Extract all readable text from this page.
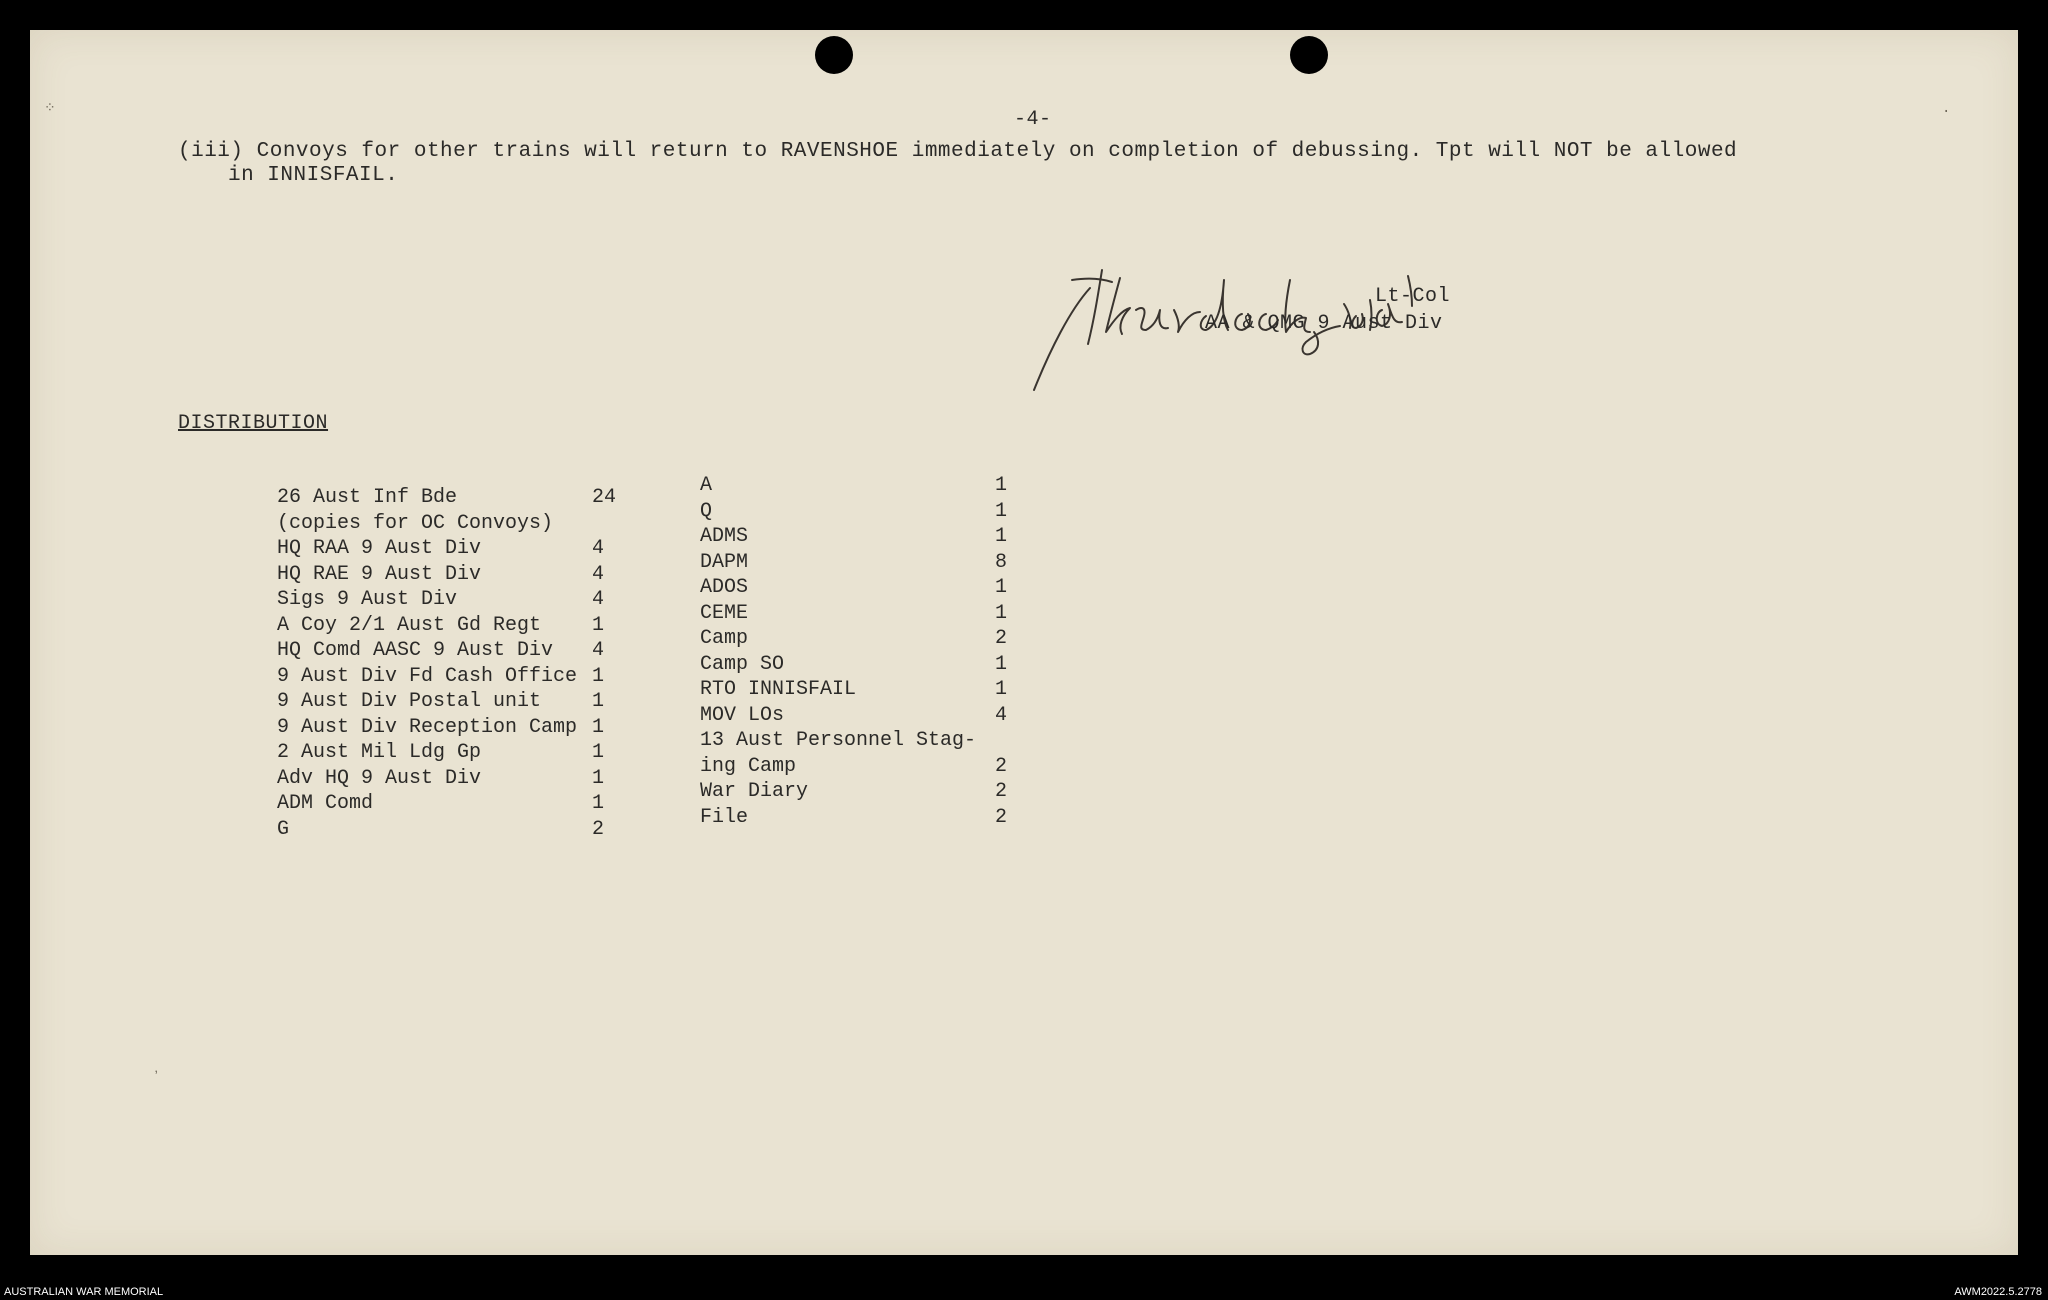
-4-
(iii) Convoys for other trains will return to RAVENSHOE immediately on completion of debussing. Tpt will NOT be allowed
in INNISFAIL.
Lt-Col
AA & QMG 9 Aust Div
DISTRIBUTION
26 Aust Inf Bde	24
(copies for OC Convoys)
HQ RAA 9 Aust Div	4
HQ RAE 9 Aust Div	4
Sigs 9 Aust Div	4
A Coy 2/1 Aust Gd Regt	1
HQ Comd AASC 9 Aust Div 4
9 Aust Div Fd Cash Office 1
9 Aust Div Postal unit	1
9 Aust Div Reception Camp 1
2 Aust Mil Ldg Gp	1
Adv HQ 9 Aust Div	1
ADM Comd	1
G	2
A	1
Q	1
ADMS	1
DAPM	8
ADOS	1
CEME	1
Camp	2
Camp SO	1
RTO INNISFAIL	1
MOV LOs	4
13 Aust Personnel Stag-
ing Camp	2
War Diary	2
File	2
⁘	·
ʼ
AUSTRALIAN WAR MEMORIAL	AWM2022.5.2778
